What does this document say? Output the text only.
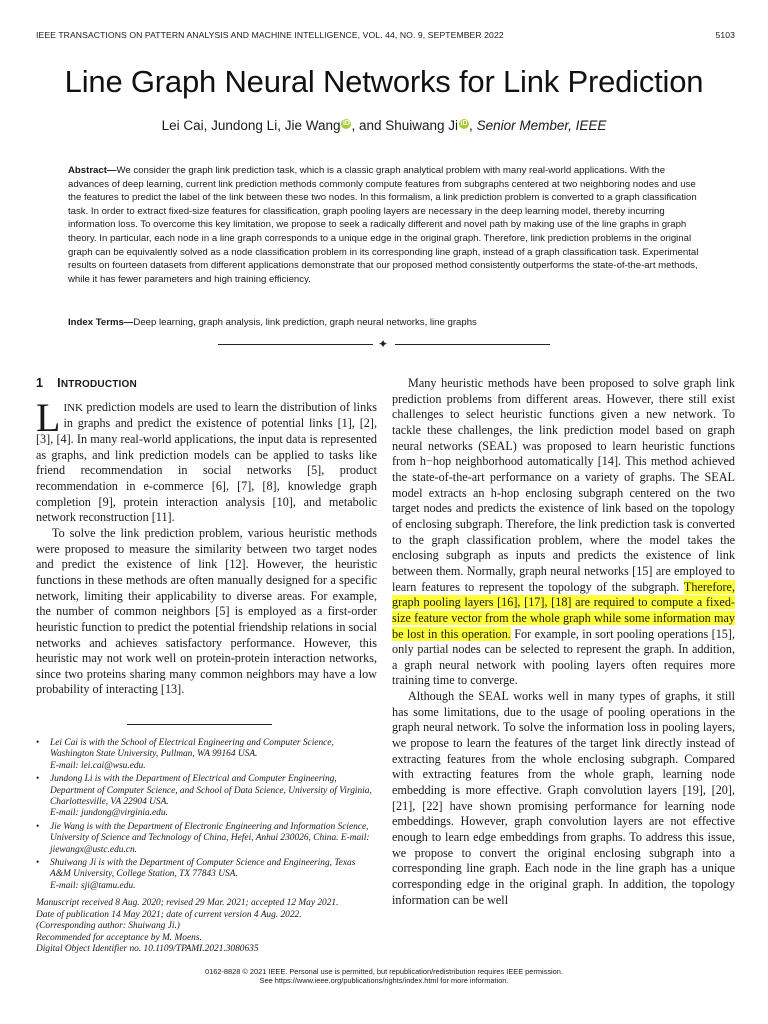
IEEE TRANSACTIONS ON PATTERN ANALYSIS AND MACHINE INTELLIGENCE, VOL. 44, NO. 9, SEPTEMBER 2022	5103
Line Graph Neural Networks for Link Prediction
Lei Cai, Jundong Li, Jie Wang iD , and Shuiwang Ji iD , Senior Member, IEEE
Abstract—We consider the graph link prediction task, which is a classic graph analytical problem with many real-world applications. With the advances of deep learning, current link prediction methods commonly compute features from subgraphs centered at two neighboring nodes and use the features to predict the label of the link between these two nodes. In this formalism, a link prediction problem is converted to a graph classification task. In order to extract fixed-size features for classification, graph pooling layers are necessary in the deep learning model, thereby incurring information loss. To overcome this key limitation, we propose to seek a radically different and novel path by making use of the line graphs in graph theory. In particular, each node in a line graph corresponds to a unique edge in the original graph. Therefore, link prediction problems in the original graph can be equivalently solved as a node classification problem in its corresponding line graph, instead of a graph classification task. Experimental results on fourteen datasets from different applications demonstrate that our proposed method consistently outperforms the state-of-the-art methods, while it has fewer parameters and high training efficiency.
Index Terms—Deep learning, graph analysis, link prediction, graph neural networks, line graphs
✦
1 INTRODUCTION

LINK prediction models are used to learn the distribution of links in graphs and predict the existence of potential links [1], [2], [3], [4]. In many real-world applications, the input data is represented as graphs, and link prediction models can be applied to tasks like friend recommendation in social networks [5], product recommendation in e-commerce [6], [7], [8], knowledge graph completion [9], protein interaction analysis [10], and metabolic network reconstruction [11].

To solve the link prediction problem, various heuristic methods were proposed to measure the similarity between two target nodes and predict the existence of link [12]. However, the heuristic functions in these methods are often manually designed for a specific network, limiting their applicability to diverse areas. For example, the number of common neighbors [5] is employed as a first-order heuristic function to predict the potential friendship relations in social networks and achieves satisfactory performance. However, this heuristic may not work well on protein-protein interaction networks, since two proteins sharing many common neighbors may have a low probability of interacting [13].

Many heuristic methods have been proposed to solve graph link prediction problems from different areas. However, there still exist challenges to select heuristic functions given a new network. To tackle these challenges, the link prediction model based on graph neural networks (SEAL) was proposed to learn heuristic functions from h−hop neighborhood automatically [14]. This method achieved the state-of-the-art performance on a variety of graphs. The SEAL model extracts an h-hop enclosing subgraph centered on the two target nodes and predicts the existence of link based on the topology of enclosing subgraph. Therefore, the link prediction task is converted to the graph classification problem, where the model takes the enclosing subgraph as inputs and predicts the existence of link between them. Normally, graph neural networks [15] are employed to learn features to represent the topology of the subgraph. Therefore, graph pooling layers [16], [17], [18] are required to compute a fixed-size feature vector from the whole graph while some information may be lost in this operation. For example, in sort pooling operations [15], only partial nodes can be selected to represent the graph. In addition, a graph neural network with pooling layers often requires more training time to converge.

Although the SEAL works well in many types of graphs, it still has some limitations, due to the usage of pooling operations in the graph neural network. To solve the information loss in pooling layers, we propose to learn the features of the target link directly instead of extracting features from the whole enclosing subgraph. Compared with extracting features from the whole graph, learning node embedding is more effective. Graph convolution layers [19], [20], [21], [22] have shown promising performance for learning node embeddings. However, graph convolution layers are not effective enough to learn edge embeddings from graphs. To address this issue, we propose to convert the original enclosing subgraph into a corresponding line graph. Each node in the line graph has a unique corresponding edge in the original graph. In addition, the topology information can be well

• Lei Cai is with the School of Electrical Engineering and Computer Science, Washington State University, Pullman, WA 99164 USA.
E-mail: lei.cai@wsu.edu.
• Jundong Li is with the Department of Electrical and Computer Engineering, Department of Computer Science, and School of Data Science, University of Virginia, Charlottesville, VA 22904 USA.
E-mail: jundong@virginia.edu.
• Jie Wang is with the Department of Electronic Engineering and Information Science, University of Science and Technology of China, Hefei, Anhui 230026, China. E-mail: jiewangx@ustc.edu.cn.
• Shuiwang Ji is with the Department of Computer Science and Engineering, Texas A&M University, College Station, TX 77843 USA.
E-mail: sji@tamu.edu.
Manuscript received 8 Aug. 2020; revised 29 Mar. 2021; accepted 12 May 2021.
Date of publication 14 May 2021; date of current version 4 Aug. 2022.
(Corresponding author: Shuiwang Ji.)
Recommended for acceptance by M. Moens.
Digital Object Identifier no. 10.1109/TPAMI.2021.3080635
0162-8828 © 2021 IEEE. Personal use is permitted, but republication/redistribution requires IEEE permission.
See https://www.ieee.org/publications/rights/index.html for more information.
